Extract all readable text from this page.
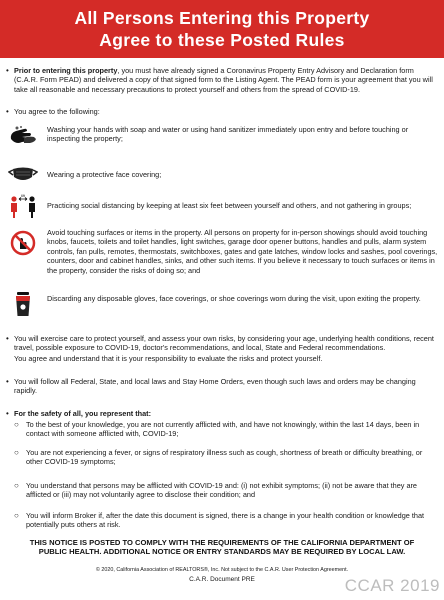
All Persons Entering this Property
Agree to these Posted Rules
• Prior to entering this property, you must have already signed a Coronavirus Property Entry Advisory and Declaration form (C.A.R. Form PEAD) and delivered a copy of that signed form to the Listing Agent. The PEAD form is your agreement that you will take all reasonable and necessary precautions to protect yourself and others from the spread of COVID-19.
• You agree to the following:
Washing your hands with soap and water or using hand sanitizer immediately upon entry and before touching or inspecting the property;
Wearing a protective face covering;
6ft
Practicing social distancing by keeping at least six feet between yourself and others, and not gathering in groups;
Avoid touching surfaces or items in the property. All persons on property for in-person showings should avoid touching knobs, faucets, toilets and toilet handles, light switches, garage door opener buttons, handles and pulls, alarm system controls, fan pulls, remotes, thermostats, switchboxes, gates and gate latches, window locks and sashes, pool coverings, counters, door and cabinet handles, sinks, and other such items. If you believe it necessary to touch surfaces or items in the property, consider the risks of doing so; and
Discarding any disposable gloves, face coverings, or shoe coverings worn during the visit, upon exiting the property.
• You will exercise care to protect yourself, and assess your own risks, by considering your age, underlying health conditions, recent travel, possible exposure to COVID-19, doctor's recommendations, and local, State and Federal recommendations.
You agree and understand that it is your responsibility to evaluate the risks and protect yourself.
• You will follow all Federal, State, and local laws and Stay Home Orders, even though such laws and orders may be changing rapidly.
• For the safety of all, you represent that:
○ To the best of your knowledge, you are not currently afflicted with, and have not knowingly, within the last 14 days, been in contact with someone afflicted with, COVID-19;
○ You are not experiencing a fever, or signs of respiratory illness such as cough, shortness of breath or difficulty breathing, or other COVID-19 symptoms;
○ You understand that persons may be afflicted with COVID-19 and: (i) not exhibit symptoms; (ii) not be aware that they are afflicted or (iii) may not voluntarily agree to disclose their condition; and
○ You will inform Broker if, after the date this document is signed, there is a change in your health condition or knowledge that potentially puts others at risk.
THIS NOTICE IS POSTED TO COMPLY WITH THE REQUIREMENTS OF THE CALIFORNIA DEPARTMENT OF
PUBLIC HEALTH. ADDITIONAL NOTICE OR ENTRY STANDARDS MAY BE REQUIRED BY LOCAL LAW.
© 2020, California Association of REALTORS®, Inc. Not subject to the C.A.R. User Protection Agreement.
C.A.R. Document PRE	CCAR 2019
